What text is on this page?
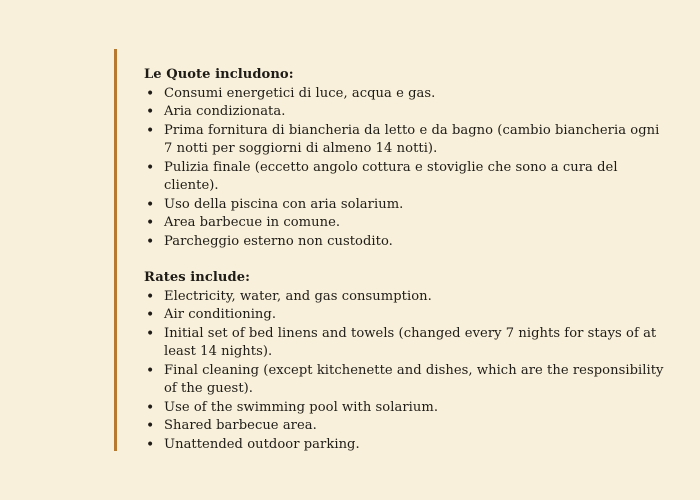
Le Quote includono:

• Consumi energetici di luce, acqua e gas.
• Aria condizionata.
• Prima fornitura di biancheria da letto e da bagno (cambio biancheria ogni 7 notti per soggiorni di almeno 14 notti).
• Pulizia finale (eccetto angolo cottura e stoviglie che sono a cura del cliente).
• Uso della piscina con aria solarium.
• Area barbecue in comune.
• Parcheggio esterno non custodito.

Rates include:

• Electricity, water, and gas consumption.
• Air conditioning.
• Initial set of bed linens and towels (changed every 7 nights for stays of at least 14 nights).
• Final cleaning (except kitchenette and dishes, which are the responsibility of the guest).
• Use of the swimming pool with solarium.
• Shared barbecue area.
• Unattended outdoor parking.
